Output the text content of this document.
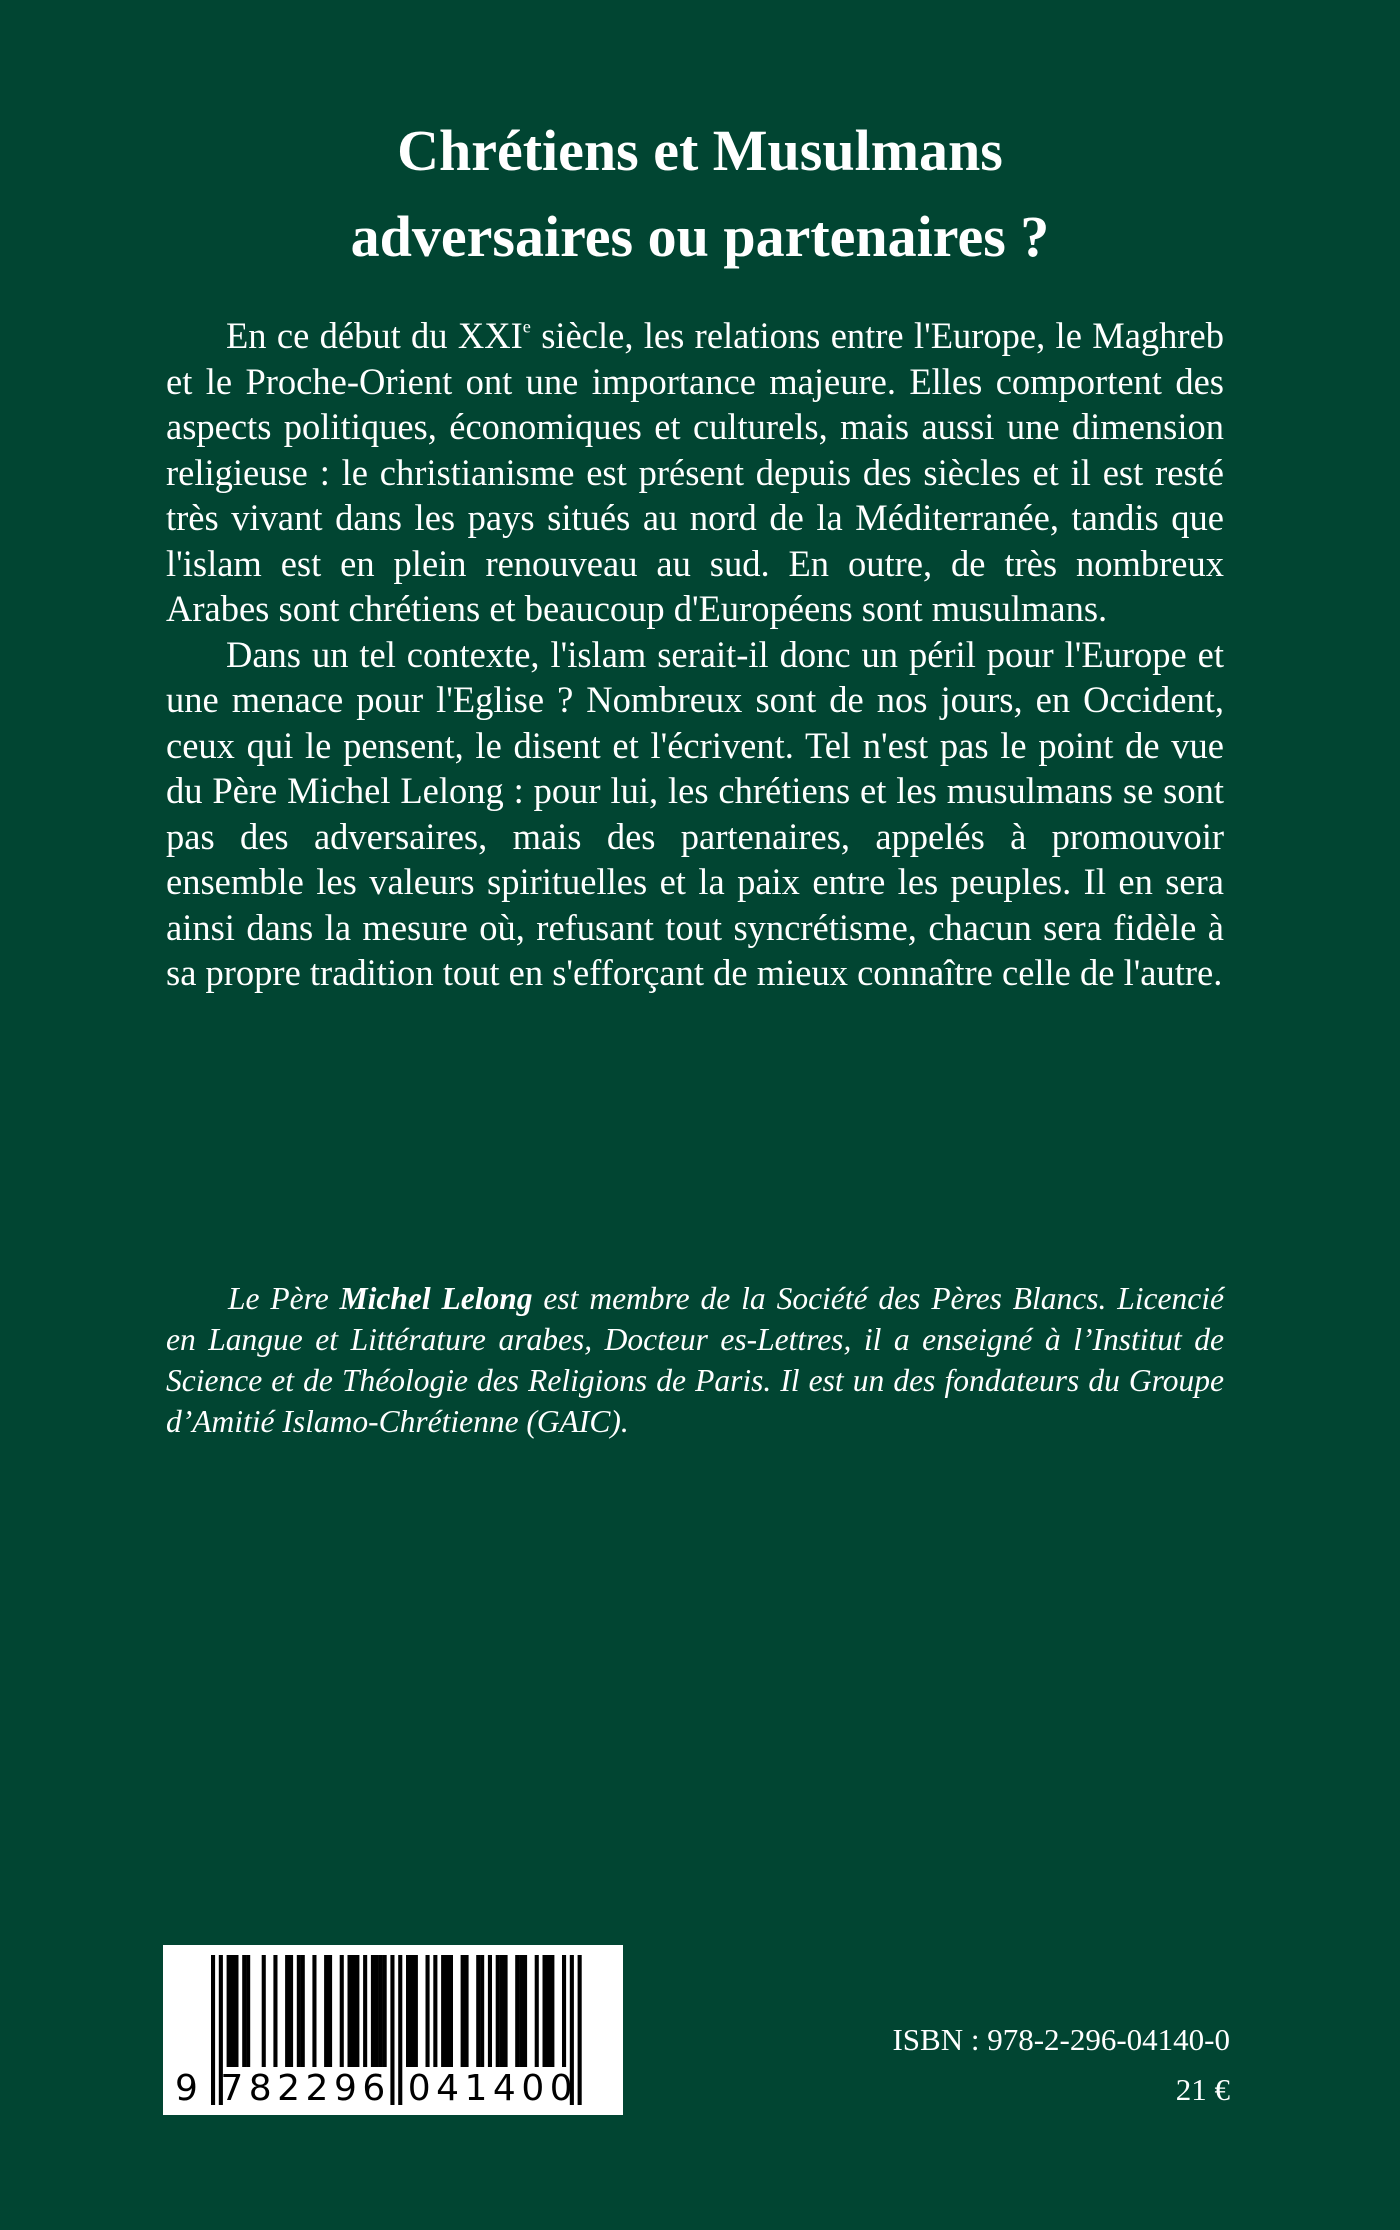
Chrétiens et Musulmans
adversaires ou partenaires ?

En ce début du XXIe siècle, les relations entre l'Europe, le Maghreb et le Proche-Orient ont une importance majeure. Elles comportent des aspects politiques, économiques et culturels, mais aussi une dimension religieuse : le christianisme est présent depuis des siècles et il est resté très vivant dans les pays situés au nord de la Méditerranée, tandis que l'islam est en plein renouveau au sud. En outre, de très nombreux Arabes sont chrétiens et beaucoup d'Européens sont musulmans.

Dans un tel contexte, l'islam serait-il donc un péril pour l'Europe et une menace pour l'Eglise ? Nombreux sont de nos jours, en Occident, ceux qui le pensent, le disent et l'écrivent. Tel n'est pas le point de vue du Père Michel Lelong : pour lui, les chrétiens et les musulmans se sont pas des adversaires, mais des partenaires, appelés à promouvoir ensemble les valeurs spirituelles et la paix entre les peuples. Il en sera ainsi dans la mesure où, refusant tout syncrétisme, chacun sera fidèle à sa propre tradition tout en s'efforçant de mieux connaître celle de l'autre.

Le Père Michel Lelong est membre de la Société des Pères Blancs. Licencié en Langue et Littérature arabes, Docteur es-Lettres, il a enseigné à l’Institut de Science et de Théologie des Religions de Paris. Il est un des fondateurs du Groupe d’Amitié Islamo-Chrétienne (GAIC).

9 782296 041400

ISBN : 978-2-296-04140-0

21 €
